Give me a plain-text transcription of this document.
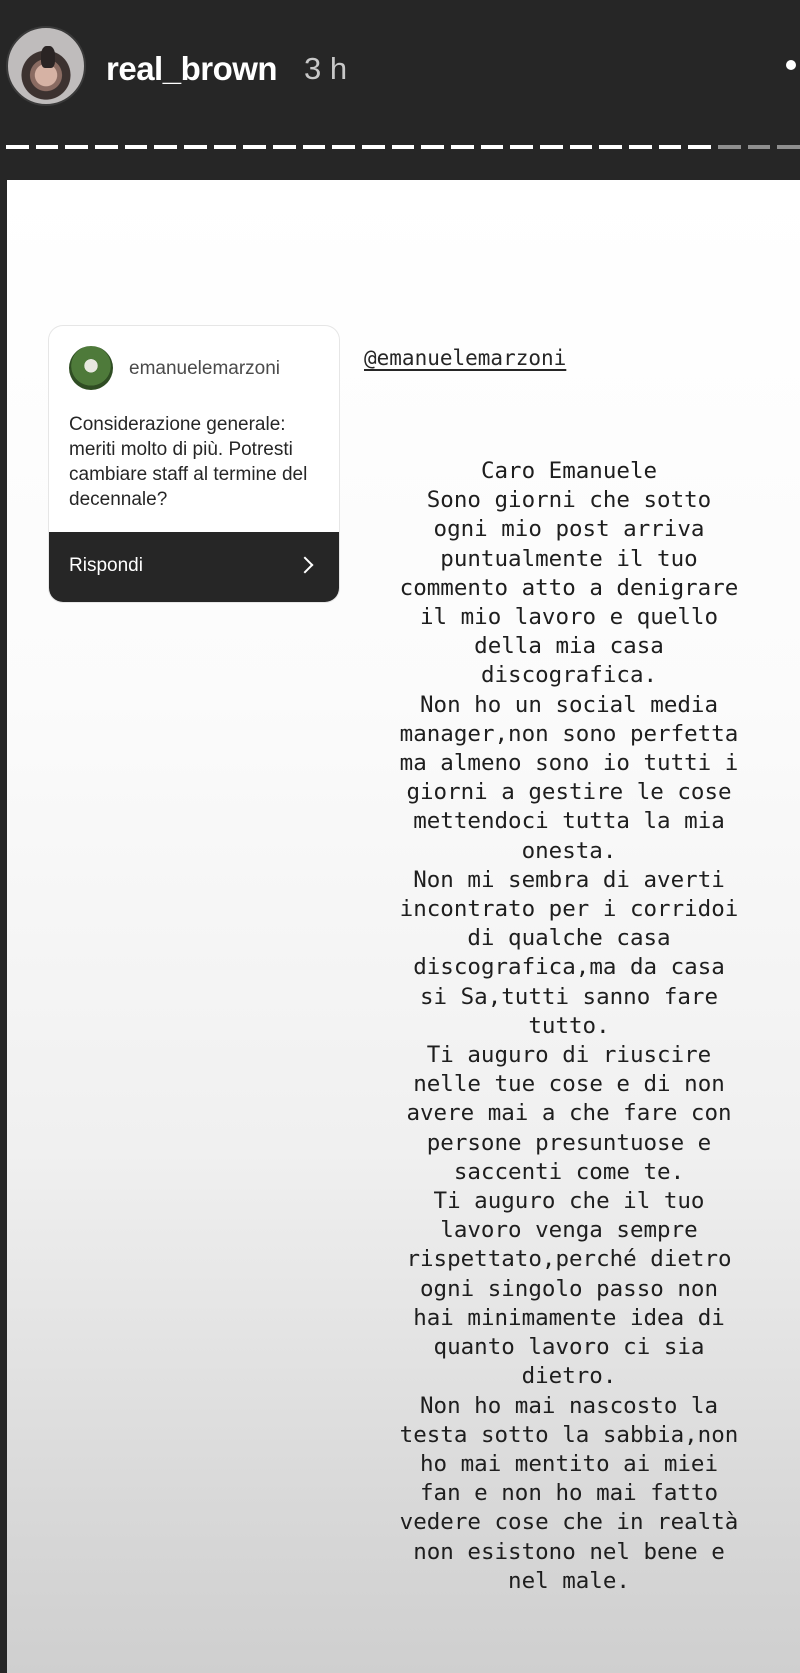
real_brown 3 h
emanuelemarzoni
Considerazione generale: meriti molto di più. Potresti cambiare staff al termine del decennale?
Rispondi
@emanuelemarzoni
Caro Emanuele
Sono giorni che sotto
ogni mio post arriva
puntualmente il tuo
commento atto a denigrare
il mio lavoro e quello
della mia casa
discografica.
Non ho un social media
manager,non sono perfetta
ma almeno sono io tutti i
giorni a gestire le cose
mettendoci tutta la mia
onesta.
Non mi sembra di averti
incontrato per i corridoi
di qualche casa
discografica,ma da casa
si Sa,tutti sanno fare
tutto.
Ti auguro di riuscire
nelle tue cose e di non
avere mai a che fare con
persone presuntuose e
saccenti come te.
Ti auguro che il tuo
lavoro venga sempre
rispettato,perché dietro
ogni singolo passo non
hai minimamente idea di
quanto lavoro ci sia
dietro.
Non ho mai nascosto la
testa sotto la sabbia,non
ho mai mentito ai miei
fan e non ho mai fatto
vedere cose che in realtà
non esistono nel bene e
nel male.
